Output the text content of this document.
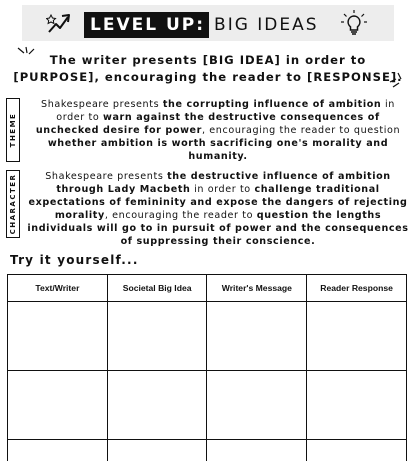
LEVEL UP: BIG IDEAS
The writer presents [BIG IDEA] in order to
[PURPOSE], encouraging the reader to [RESPONSE].
THEME
Shakespeare presents the corrupting influence of ambition in order to warn against the destructive consequences of unchecked desire for power, encouraging the reader to question whether ambition is worth sacrificing one's morality and humanity.
CHARACTER	Shakespeare presents the destructive influence of ambition through Lady Macbeth in order to challenge traditional expectations of femininity and expose the dangers of rejecting morality, encouraging the reader to question the lengths individuals will go to in pursuit of power and the consequences of suppressing their conscience.
Try it yourself...
Text/Writer	Societal Big Idea	Writer's Message	Reader Response
